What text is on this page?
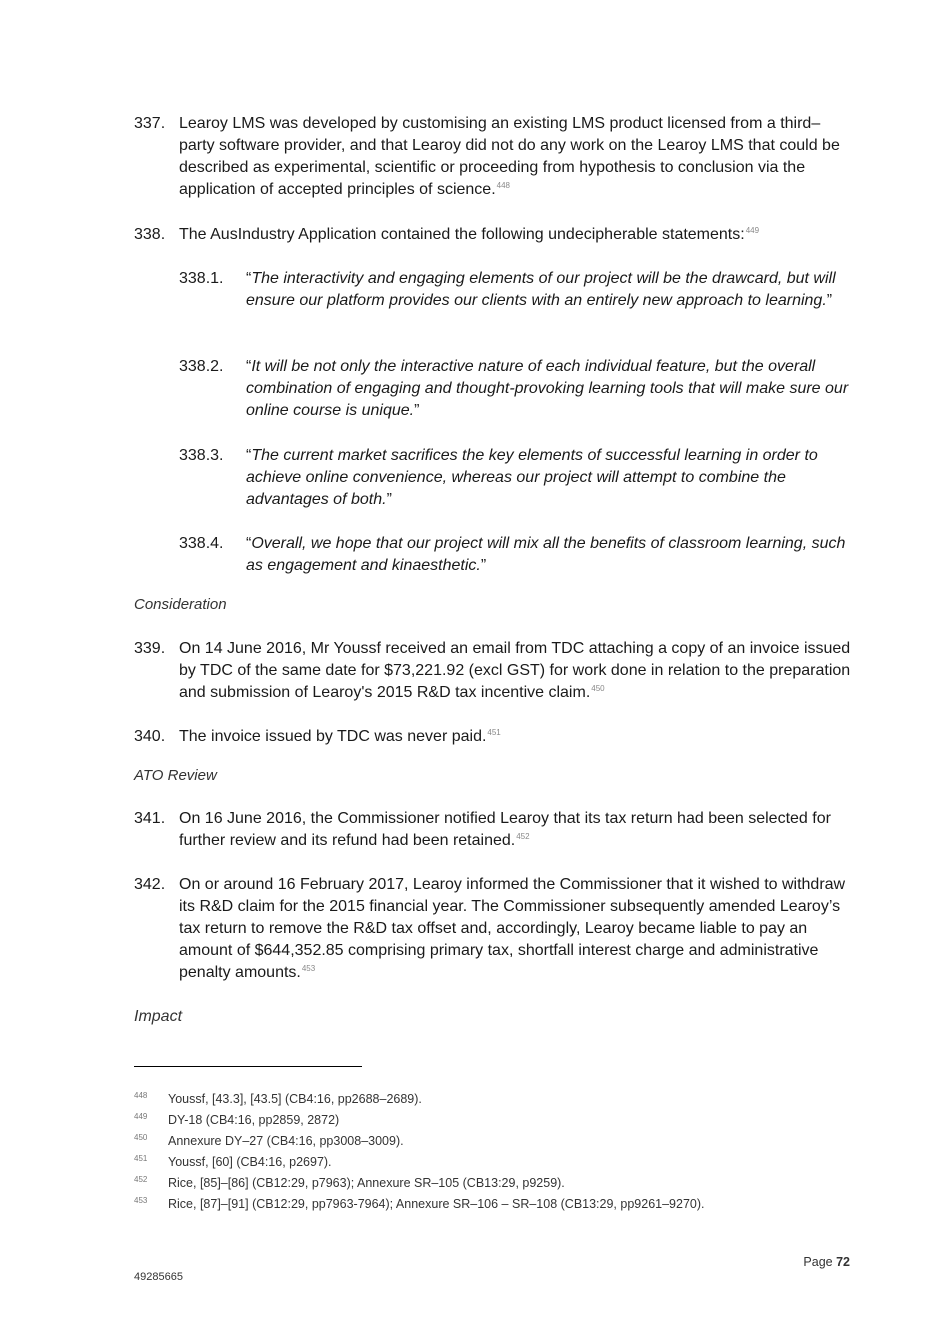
337. Learoy LMS was developed by customising an existing LMS product licensed from a third–party software provider, and that Learoy did not do any work on the Learoy LMS that could be described as experimental, scientific or proceeding from hypothesis to conclusion via the application of accepted principles of science.$^{448}$
338. The AusIndustry Application contained the following undecipherable statements:$^{449}$
338.1. “The interactivity and engaging elements of our project will be the drawcard, but will ensure our platform provides our clients with an entirely new approach to learning.”
338.2. “It will be not only the interactive nature of each individual feature, but the overall combination of engaging and thought-provoking learning tools that will make sure our online course is unique.”
338.3. “The current market sacrifices the key elements of successful learning in order to achieve online convenience, whereas our project will attempt to combine the advantages of both.”
338.4. “Overall, we hope that our project will mix all the benefits of classroom learning, such as engagement and kinaesthetic.”
Consideration
339. On 14 June 2016, Mr Youssf received an email from TDC attaching a copy of an invoice issued by TDC of the same date for $73,221.92 (excl GST) for work done in relation to the preparation and submission of Learoy's 2015 R&D tax incentive claim.$^{450}$
340. The invoice issued by TDC was never paid.$^{451}$
ATO Review
341. On 16 June 2016, the Commissioner notified Learoy that its tax return had been selected for further review and its refund had been retained.$^{452}$
342. On or around 16 February 2017, Learoy informed the Commissioner that it wished to withdraw its R&D claim for the 2015 financial year. The Commissioner subsequently amended Learoy’s tax return to remove the R&D tax offset and, accordingly, Learoy became liable to pay an amount of $644,352.85 comprising primary tax, shortfall interest charge and administrative penalty amounts.$^{453}$
Impact
448 Youssf, [43.3], [43.5] (CB4:16, pp2688–2689).
449 DY-18 (CB4:16, pp2859, 2872)
450 Annexure DY–27 (CB4:16, pp3008–3009).
451 Youssf, [60] (CB4:16, p2697).
452 Rice, [85]–[86] (CB12:29, p7963); Annexure SR–105 (CB13:29, p9259).
453 Rice, [87]–[91] (CB12:29, pp7963-7964); Annexure SR–106 – SR–108 (CB13:29, pp9261–9270).
Page 72
49285665
